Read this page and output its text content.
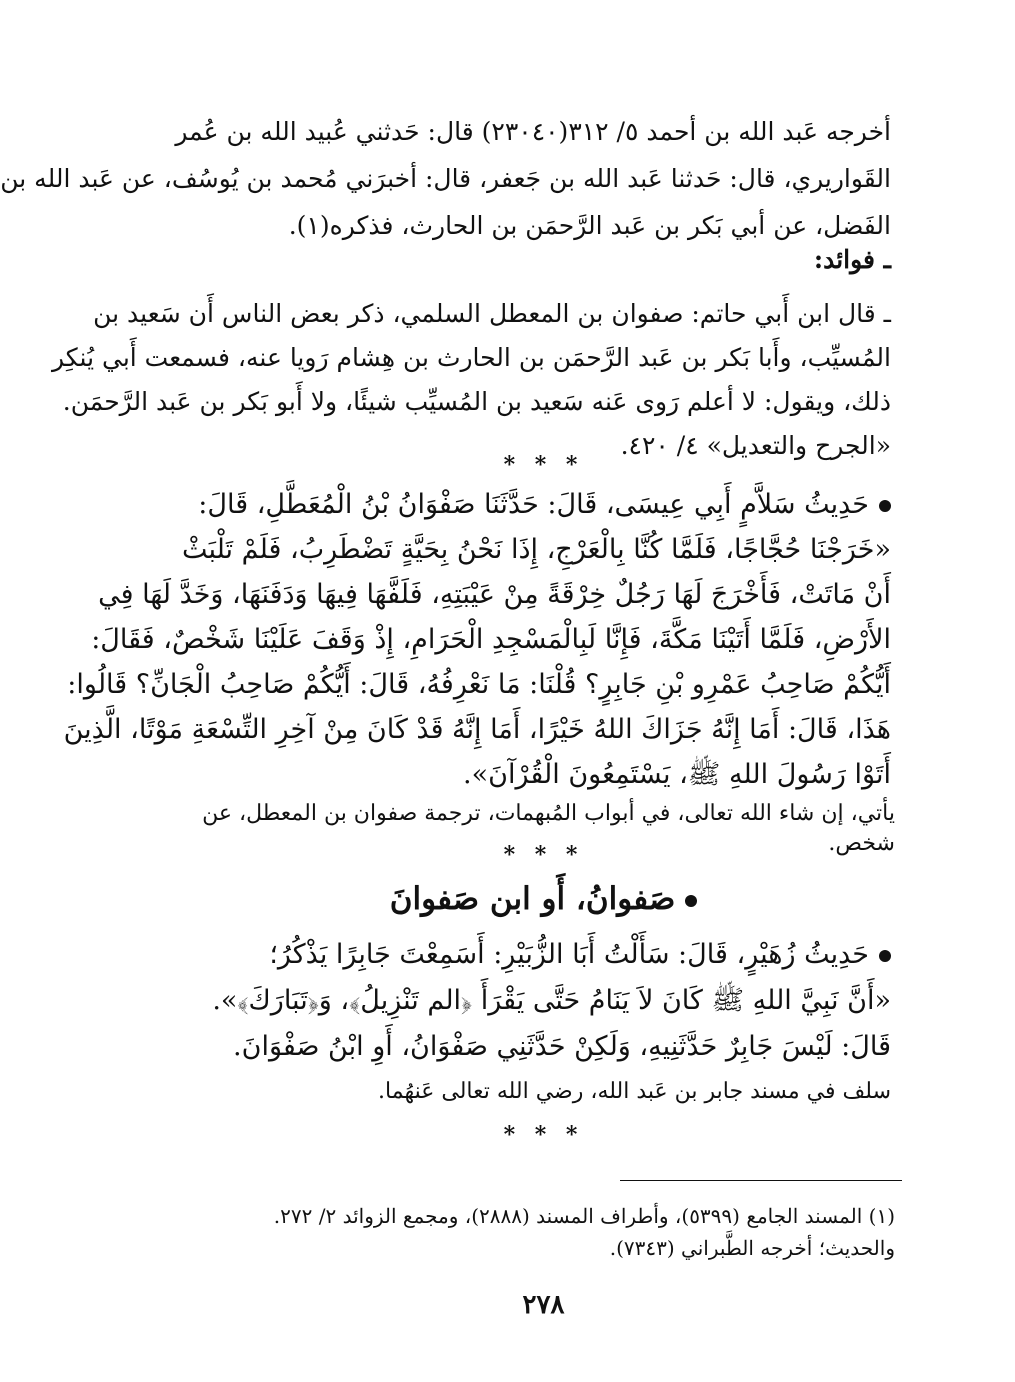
أخرجه عَبد الله بن أحمد ٥/ ٣١٢(٢٣٠٤٠) قال: حَدثني عُبيد الله بن عُمر
القَواريري، قال: حَدثنا عَبد الله بن جَعفر، قال: أخبرَني مُحمد بن يُوسُف، عن عَبد الله بن
الفَضل، عن أبي بَكر بن عَبد الرَّحمَن بن الحارث، فذكره(١).
ـ فوائد:
ـ قال ابن أَبي حاتم: صفوان بن المعطل السلمي، ذكر بعض الناس أَن سَعيد بن
المُسيِّب، وأَبا بَكر بن عَبد الرَّحمَن بن الحارث بن هِشام رَويا عنه، فسمعت أَبي يُنكِر
ذلك، ويقول: لا أعلم رَوى عَنه سَعيد بن المُسيِّب شيئًا، ولا أَبو بَكر بن عَبد الرَّحمَن.
«الجرح والتعديل» ٤/ ٤٢٠.
* * *
حَدِيثُ سَلاَّمٍ أَبِي عِيسَى، قَالَ: حَدَّثَنَا صَفْوَانُ بْنُ الْمُعَطَّلِ، قَالَ:
«خَرَجْنَا حُجَّاجًا، فَلَمَّا كُنَّا بِالْعَرْجِ، إِذَا نَحْنُ بِحَيَّةٍ تَضْطَرِبُ، فَلَمْ تَلْبَثْ
أَنْ مَاتَتْ، فَأَخْرَجَ لَهَا رَجُلٌ خِرْقَةً مِنْ عَيْبَتِهِ، فَلَفَّهَا فِيهَا وَدَفَنَهَا، وَخَدَّ لَهَا فِي
الأَرْضِ، فَلَمَّا أَتَيْنَا مَكَّةَ، فَإِنَّا لَبِالْمَسْجِدِ الْحَرَامِ، إِذْ وَقَفَ عَلَيْنَا شَخْصٌ، فَقَالَ:
أَيُّكُمْ صَاحِبُ عَمْرِو بْنِ جَابِرٍ؟ قُلْنَا: مَا نَعْرِفُهُ، قَالَ: أَيُّكُمْ صَاحِبُ الْجَانِّ؟ قَالُوا:
هَذَا، قَالَ: أَمَا إِنَّهُ جَزَاكَ اللهُ خَيْرًا، أَمَا إِنَّهُ قَدْ كَانَ مِنْ آخِرِ التِّسْعَةِ مَوْتًا، الَّذِينَ
أَتَوْا رَسُولَ اللهِ ﷺ، يَسْتَمِعُونَ الْقُرْآنَ».
يأتي، إن شاء الله تعالى، في أبواب المُبهمات، ترجمة صفوان بن المعطل، عن شخص.
* * *
صَفوانُ، أَو ابن صَفوانَ
حَدِيثُ زُهَيْرٍ، قَالَ: سَأَلْتُ أَبَا الزُّبَيْرِ: أَسَمِعْتَ جَابِرًا يَذْكُرُ؛
«أَنَّ نَبِيَّ اللهِ ﷺ كَانَ لاَ يَنَامُ حَتَّى يَقْرَأَ ﴿الم تَنْزِيلُ﴾، وَ﴿تَبَارَكَ﴾».
قَالَ: لَيْسَ جَابِرٌ حَدَّثَنِيهِ، وَلَكِنْ حَدَّثَنِي صَفْوَانُ، أَوِ ابْنُ صَفْوَانَ.
سلف في مسند جابر بن عَبد الله، رضي الله تعالى عَنهُما.
* * *
(١) المسند الجامع (٥٣٩٩)، وأطراف المسند (٢٨٨٨)، ومجمع الزوائد ٢/ ٢٧٢.
والحديث؛ أخرجه الطَّبراني (٧٣٤٣).
٢٧٨
